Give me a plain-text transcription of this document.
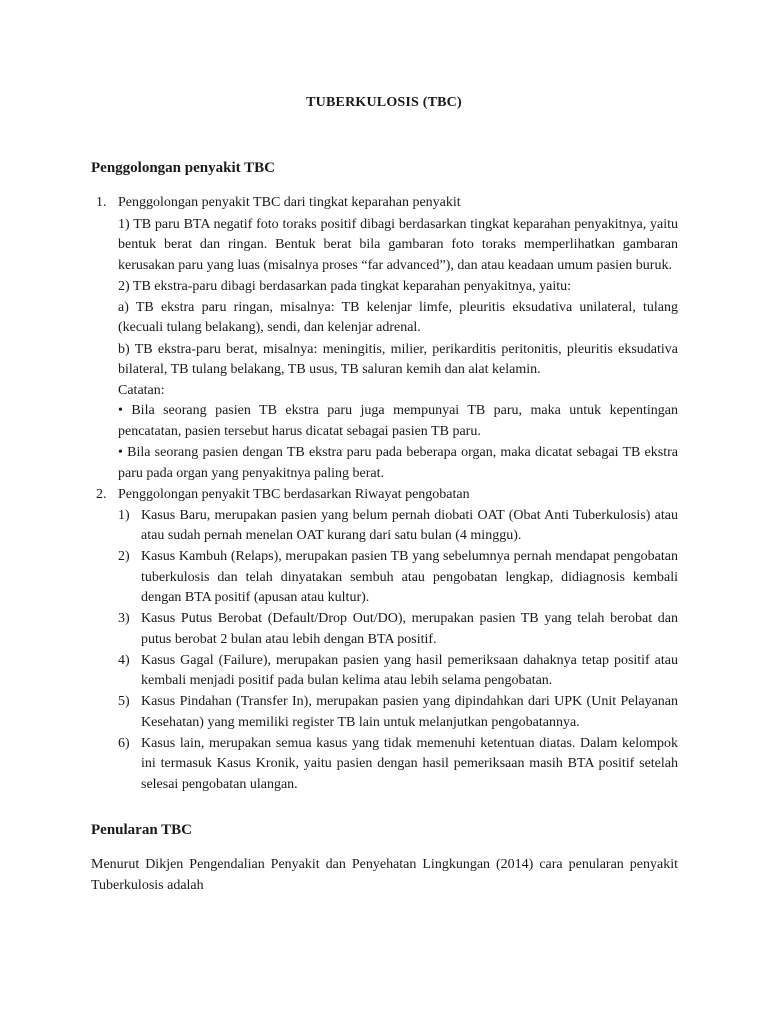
TUBERKULOSIS (TBC)
Penggolongan penyakit TBC
1. Penggolongan penyakit TBC dari tingkat keparahan penyakit

1) TB paru BTA negatif foto toraks positif dibagi berdasarkan tingkat keparahan penyakitnya, yaitu bentuk berat dan ringan. Bentuk berat bila gambaran foto toraks memperlihatkan gambaran kerusakan paru yang luas (misalnya proses “far advanced”), dan atau keadaan umum pasien buruk.

2) TB ekstra-paru dibagi berdasarkan pada tingkat keparahan penyakitnya, yaitu:

a) TB ekstra paru ringan, misalnya: TB kelenjar limfe, pleuritis eksudativa unilateral, tulang (kecuali tulang belakang), sendi, dan kelenjar adrenal.

b) TB ekstra-paru berat, misalnya: meningitis, milier, perikarditis peritonitis, pleuritis eksudativa bilateral, TB tulang belakang, TB usus, TB saluran kemih dan alat kelamin.

Catatan:

• Bila seorang pasien TB ekstra paru juga mempunyai TB paru, maka untuk kepentingan pencatatan, pasien tersebut harus dicatat sebagai pasien TB paru.

• Bila seorang pasien dengan TB ekstra paru pada beberapa organ, maka dicatat sebagai TB ekstra paru pada organ yang penyakitnya paling berat.

2. Penggolongan penyakit TBC berdasarkan Riwayat pengobatan

1) Kasus Baru, merupakan pasien yang belum pernah diobati OAT (Obat Anti Tuberkulosis) atau atau sudah pernah menelan OAT kurang dari satu bulan (4 minggu).
2) Kasus Kambuh (Relaps), merupakan pasien TB yang sebelumnya pernah mendapat pengobatan tuberkulosis dan telah dinyatakan sembuh atau pengobatan lengkap, didiagnosis kembali dengan BTA positif (apusan atau kultur).
3) Kasus Putus Berobat (Default/Drop Out/DO), merupakan pasien TB yang telah berobat dan putus berobat 2 bulan atau lebih dengan BTA positif.
4) Kasus Gagal (Failure), merupakan pasien yang hasil pemeriksaan dahaknya tetap positif atau kembali menjadi positif pada bulan kelima atau lebih selama pengobatan.
5) Kasus Pindahan (Transfer In), merupakan pasien yang dipindahkan dari UPK (Unit Pelayanan Kesehatan) yang memiliki register TB lain untuk melanjutkan pengobatannya.
6) Kasus lain, merupakan semua kasus yang tidak memenuhi ketentuan diatas. Dalam kelompok ini termasuk Kasus Kronik, yaitu pasien dengan hasil pemeriksaan masih BTA positif setelah selesai pengobatan ulangan.
Penularan TBC

Menurut Dikjen Pengendalian Penyakit dan Penyehatan Lingkungan (2014) cara penularan penyakit Tuberkulosis adalah
